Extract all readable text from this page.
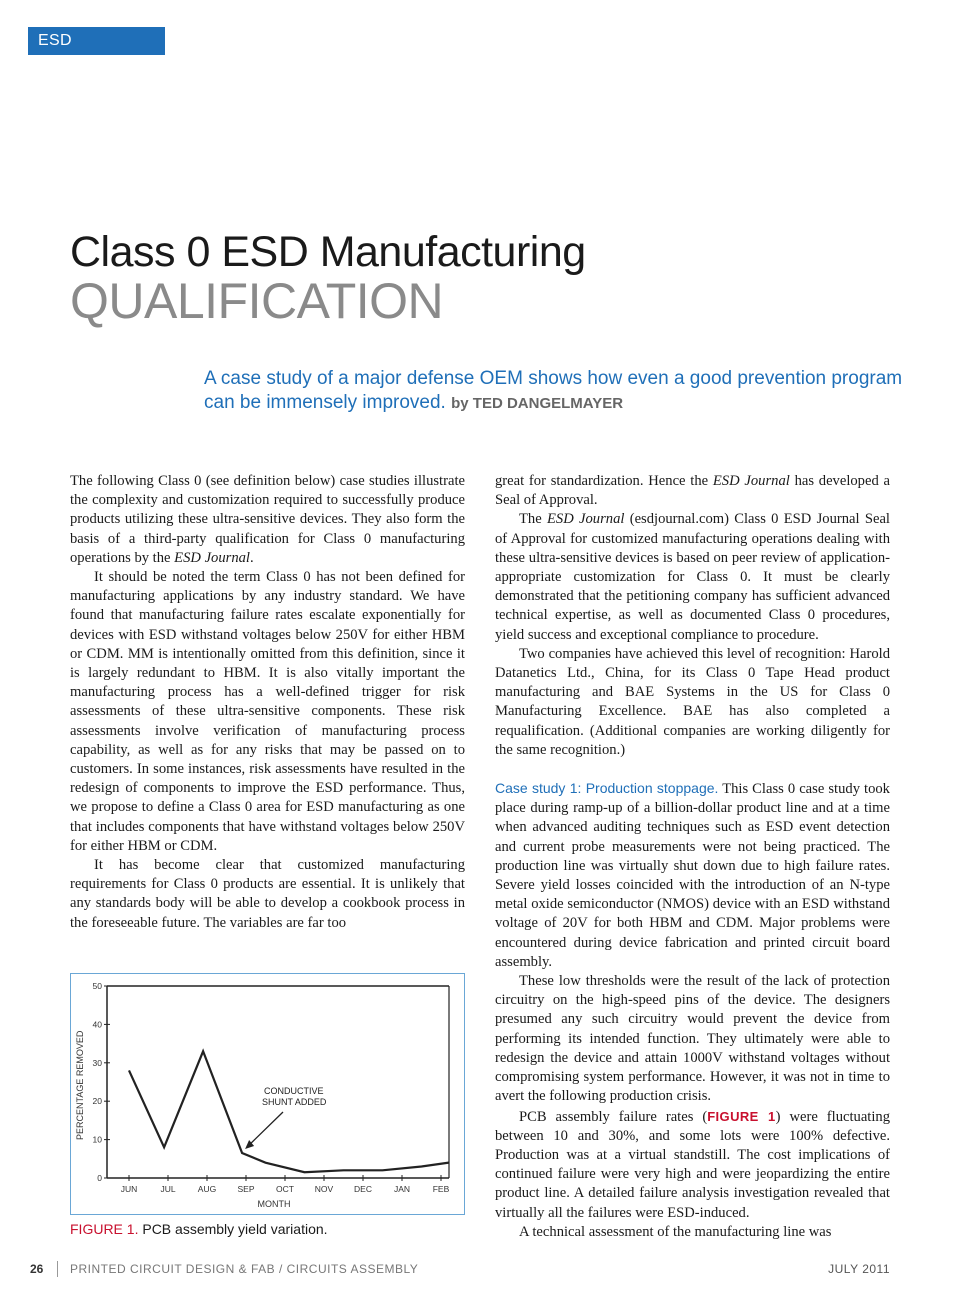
ESD STADARDS
Class 0 ESD Manufacturing
QUALIFICATION
A case study of a major defense OEM shows how even a good prevention program can be immensely improved. by TED DANGELMAYER

The following Class 0 (see definition below) case studies illustrate the complexity and customization required to successfully produce products utilizing these ultra-sensitive devices. They also form the basis of a third-party qualification for Class 0 manufacturing operations by the ESD Journal.

It should be noted the term Class 0 has not been defined for manufacturing applications by any industry standard. We have found that manufacturing failure rates escalate exponentially for devices with ESD withstand voltages below 250V for either HBM or CDM. MM is intentionally omitted from this definition, since it is largely redundant to HBM. It is also vitally important the manufacturing process has a well-defined trigger for risk assessments of these ultra-sensitive components. These risk assessments involve verification of manufacturing process capability, as well as for any risks that may be passed on to customers. In some instances, risk assessments have resulted in the redesign of components to improve the ESD performance. Thus, we propose to define a Class 0 area for ESD manufacturing as one that includes components that have withstand voltages below 250V for either HBM or CDM.

It has become clear that customized manufacturing requirements for Class 0 products are essential. It is unlikely that any standards body will be able to develop a cookbook process in the foreseeable future. The variables are far too

great for standardization. Hence the ESD Journal has developed a Seal of Approval.

The ESD Journal (esdjournal.com) Class 0 ESD Journal Seal of Approval for customized manufacturing operations dealing with these ultra-sensitive devices is based on peer review of application-appropriate customization for Class 0. It must be clearly demonstrated that the petitioning company has sufficient advanced technical expertise, as well as documented Class 0 procedures, yield success and exceptional compliance to procedure.

Two companies have achieved this level of recognition: Harold Datanetics Ltd., China, for its Class 0 Tape Head product manufacturing and BAE Systems in the US for Class 0 Manufacturing Excellence. BAE has also completed a requalification. (Additional companies are working diligently for the same recognition.)

Case study 1: Production stoppage. This Class 0 case study took place during ramp-up of a billion-dollar product line and at a time when advanced auditing techniques such as ESD event detection and current probe measurements were not being practiced. The production line was virtually shut down due to high failure rates. Severe yield losses coincided with the introduction of an N-type metal oxide semiconductor (NMOS) device with an ESD withstand voltage of 20V for both HBM and CDM. Major problems were encountered during device fabrication and printed circuit board assembly.

These low thresholds were the result of the lack of protection circuitry on the high-speed pins of the device. The designers presumed any such circuitry would prevent the device from performing its intended function. They ultimately were able to redesign the device and attain 1000V withstand voltages without compromising system performance. However, it was not in time to avert the following production crisis.

PCB assembly failure rates (FIGURE 1) were fluctuating between 10 and 30%, and some lots were 100% defective. Production was at a virtual standstill. The cost implications of continued failure were very high and were jeopardizing the entire product line. A detailed failure analysis investigation revealed that virtually all the failures were ESD-induced.

A technical assessment of the manufacturing line was

0
10
20
30
40
50
JUN	JUL	AUG	SEP	OCT NOV DEC	JAN	FEB
PERCENTAGE REMOVED
MONTH
CONDUCTIVE
SHUNT ADDED
FIGURE 1. PCB assembly yield variation.
26 PRINTED CIRCUIT DESIGN & FAB / CIRCUITS ASSEMBLY	JULY 2011
